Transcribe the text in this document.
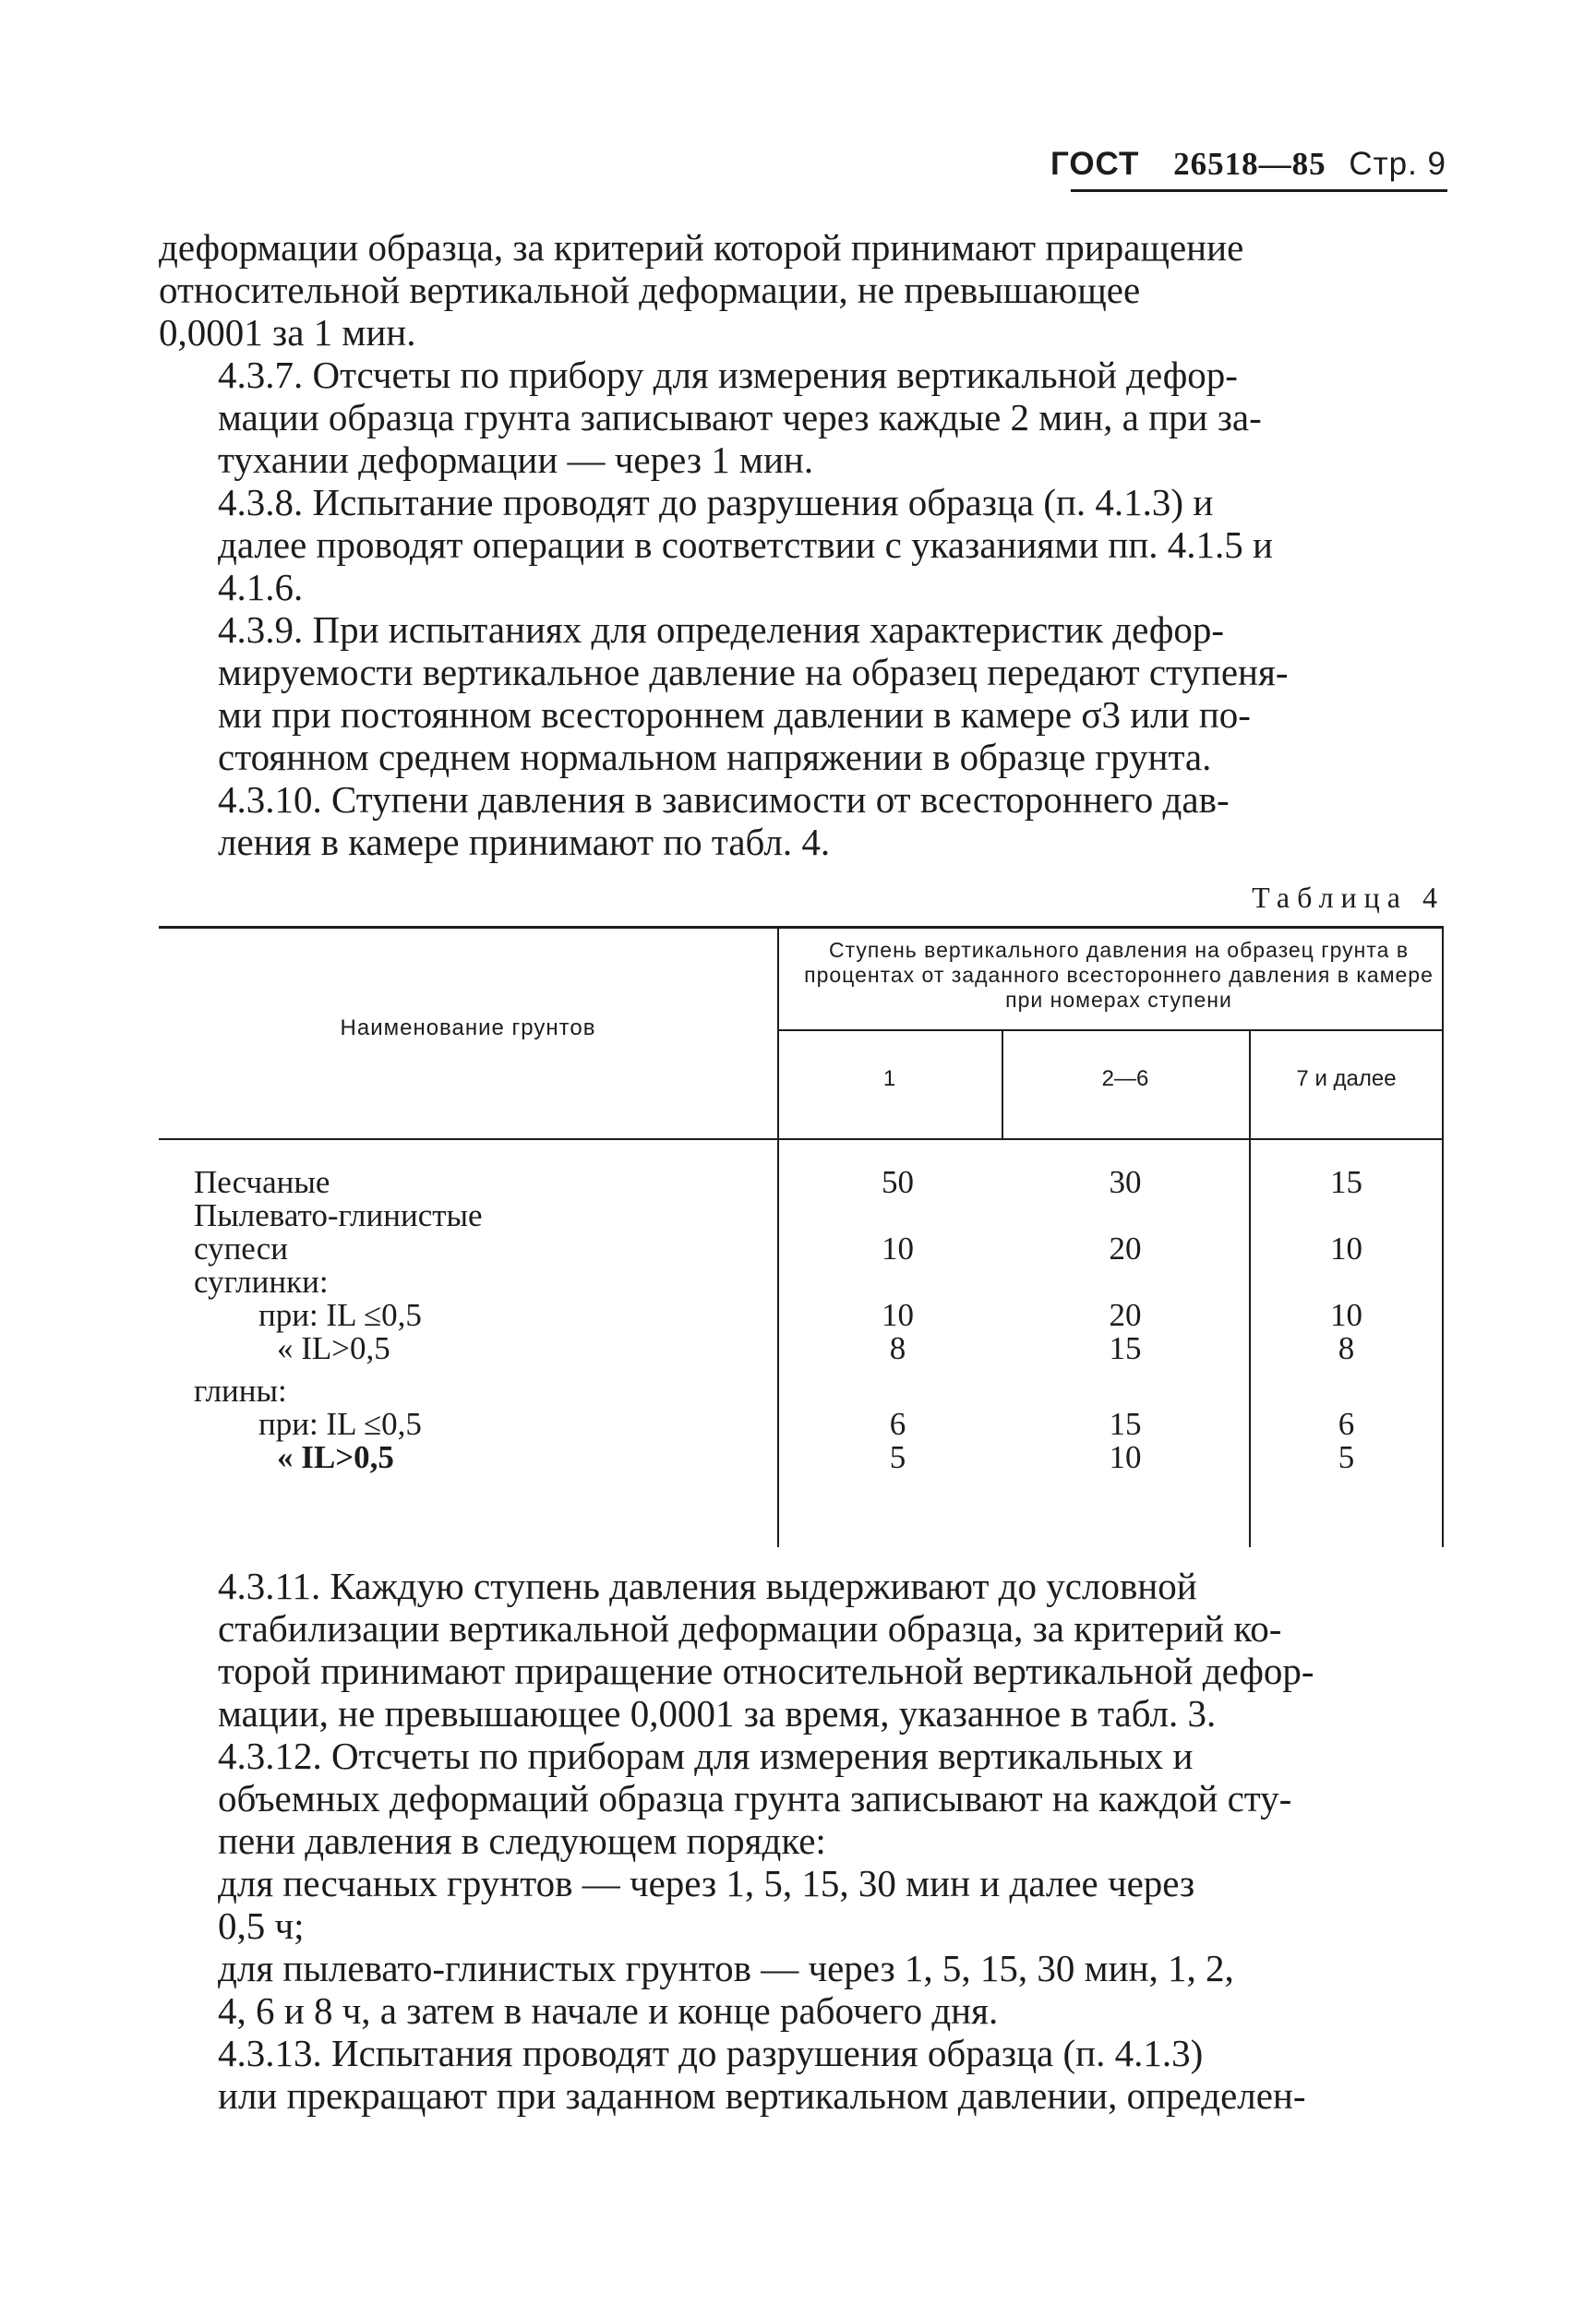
ГОСТ 26518—85 Стр. 9

деформации образца, за критерий которой принимают приращение
относительной вертикальной деформации, не превышающее
0,0001 за 1 мин.

4.3.7. Отсчеты по прибору для измерения вертикальной дефор-
мации образца грунта записывают через каждые 2 мин, а при за-
тухании деформации — через 1 мин.

4.3.8. Испытание проводят до разрушения образца (п. 4.1.3) и
далее проводят операции в соответствии с указаниями пп. 4.1.5 и
4.1.6.

4.3.9. При испытаниях для определения характеристик дефор-
мируемости вертикальное давление на образец передают ступеня-
ми при постоянном всестороннем давлении в камере σ3 или по-
стоянном среднем нормальном напряжении в образце грунта.

4.3.10. Ступени давления в зависимости от всестороннего дав-
ления в камере принимают по табл. 4.

Таблица 4
Наименование грунтов
Ступень вертикального давления на образец грунта в процентах от заданного всестороннего давления в камере при номерах ступени
1	2—6	7 и далее
Песчаные	50	30	15
Пылевато-глинистые
супеси	10	20	10
суглинки:
при: IL ≤0,5	10	20	10
« IL>0,5	8	15	8
глины:
при: IL ≤0,5	6	15	6
« IL>0,5	5	10	5

4.3.11. Каждую ступень давления выдерживают до условной
стабилизации вертикальной деформации образца, за критерий ко-
торой принимают приращение относительной вертикальной дефор-
мации, не превышающее 0,0001 за время, указанное в табл. 3.

4.3.12. Отсчеты по приборам для измерения вертикальных и
объемных деформаций образца грунта записывают на каждой сту-
пени давления в следующем порядке:

для песчаных грунтов — через 1, 5, 15, 30 мин и далее через
0,5 ч;

для пылевато-глинистых грунтов — через 1, 5, 15, 30 мин, 1, 2,
4, 6 и 8 ч, а затем в начале и конце рабочего дня.

4.3.13. Испытания проводят до разрушения образца (п. 4.1.3)
или прекращают при заданном вертикальном давлении, определен-
